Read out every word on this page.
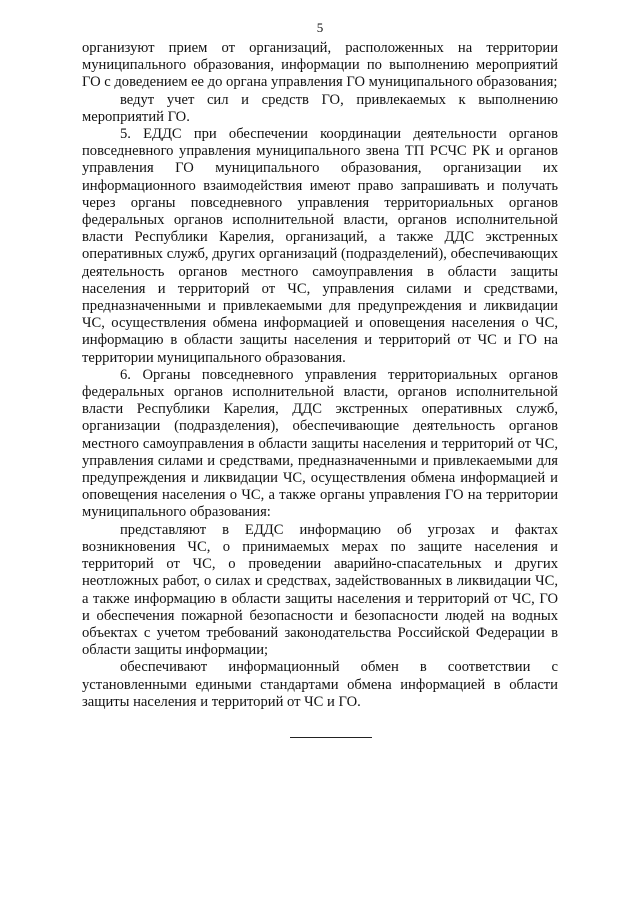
5

организуют прием от организаций, расположенных на территории муниципального образования, информации по выполнению мероприятий ГО с доведением ее до органа управления ГО муниципального образования;

ведут учет сил и средств ГО, привлекаемых к выполнению мероприятий ГО.

5. ЕДДС при обеспечении координации деятельности органов повседневного управления муниципального звена ТП РСЧС РК и органов управления ГО муниципального образования, организации их информационного взаимодействия имеют право запрашивать и получать через органы повседневного управления территориальных органов федеральных органов исполнительной власти, органов исполнительной власти Республики Карелия, организаций, а также ДДС экстренных оперативных служб, других организаций (подразделений), обеспечивающих деятельность органов местного самоуправления в области защиты населения и территорий от ЧС, управления силами и средствами, предназначенными и привлекаемыми для предупреждения и ликвидации ЧС, осуществления обмена информацией и оповещения населения о ЧС, информацию в области защиты населения и территорий от ЧС и ГО на территории муниципального образования.

6. Органы повседневного управления территориальных органов федеральных органов исполнительной власти, органов исполнительной власти Республики Карелия, ДДС экстренных оперативных служб, организации (подразделения), обеспечивающие деятельность органов местного самоуправления в области защиты населения и территорий от ЧС, управления силами и средствами, предназначенными и привлекаемыми для предупреждения и ликвидации ЧС, осуществления обмена информацией и оповещения населения о ЧС, а также органы управления ГО на территории муниципального образования:

представляют в ЕДДС информацию об угрозах и фактах возникновения ЧС, о принимаемых мерах по защите населения и территорий от ЧС, о проведении аварийно-спасательных и других неотложных работ, о силах и средствах, задействованных в ликвидации ЧС, а также информацию в области защиты населения и территорий от ЧС, ГО и обеспечения пожарной безопасности и безопасности людей на водных объектах с учетом требований законодательства Российской Федерации в области защиты информации;

обеспечивают информационный обмен в соответствии с установленными едиными стандартами обмена информацией в области защиты населения и территорий от ЧС и ГО.
